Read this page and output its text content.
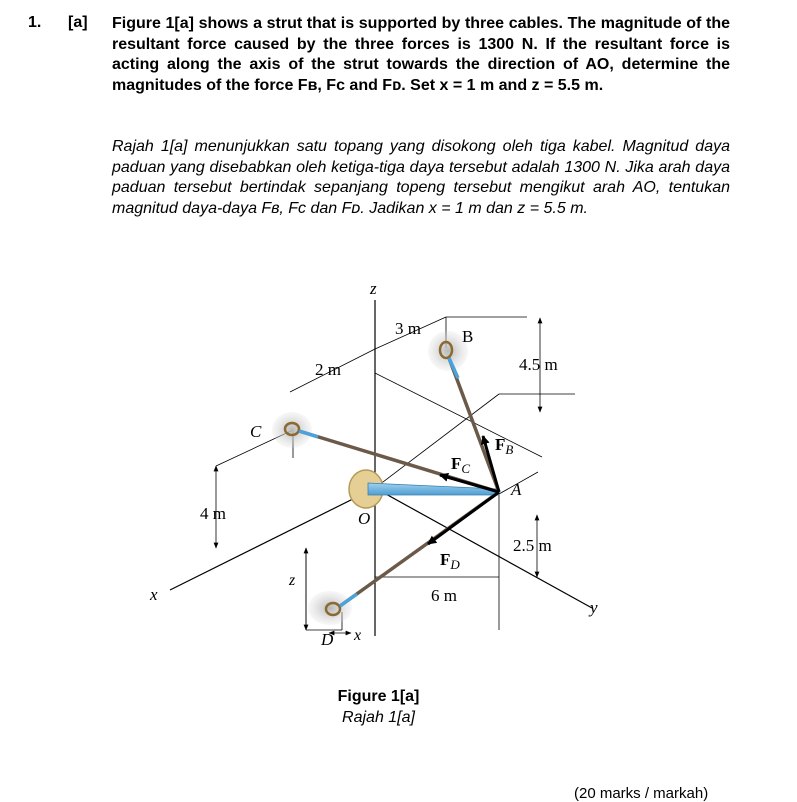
1. [a] Figure 1[a] shows a strut that is supported by three cables. The magnitude of the resultant force caused by the three forces is 1300 N. If the resultant force is acting along the axis of the strut towards the direction of AO, determine the magnitudes of the force Fʙ, Fᴄ and Fᴅ. Set x = 1 m and z = 5.5 m.

Rajah 1[a] menunjukkan satu topang yang disokong oleh tiga kabel. Magnitud daya paduan yang disebabkan oleh ketiga-tiga daya tersebut adalah 1300 N. Jika arah daya paduan tersebut bertindak sepanjang topeng tersebut mengikut arah AO, tentukan magnitud daya-daya Fʙ, Fᴄ dan Fᴅ. Jadikan x = 1 m dan z = 5.5 m.

z
x
y
3 m B
2 m	4.5 m
C
$F_B$
$F_C$
A
4 m	O
2.5 m
$F_D$
z
6 m
D x
Figure 1[a]
Rajah 1[a]
(20 marks / markah)
